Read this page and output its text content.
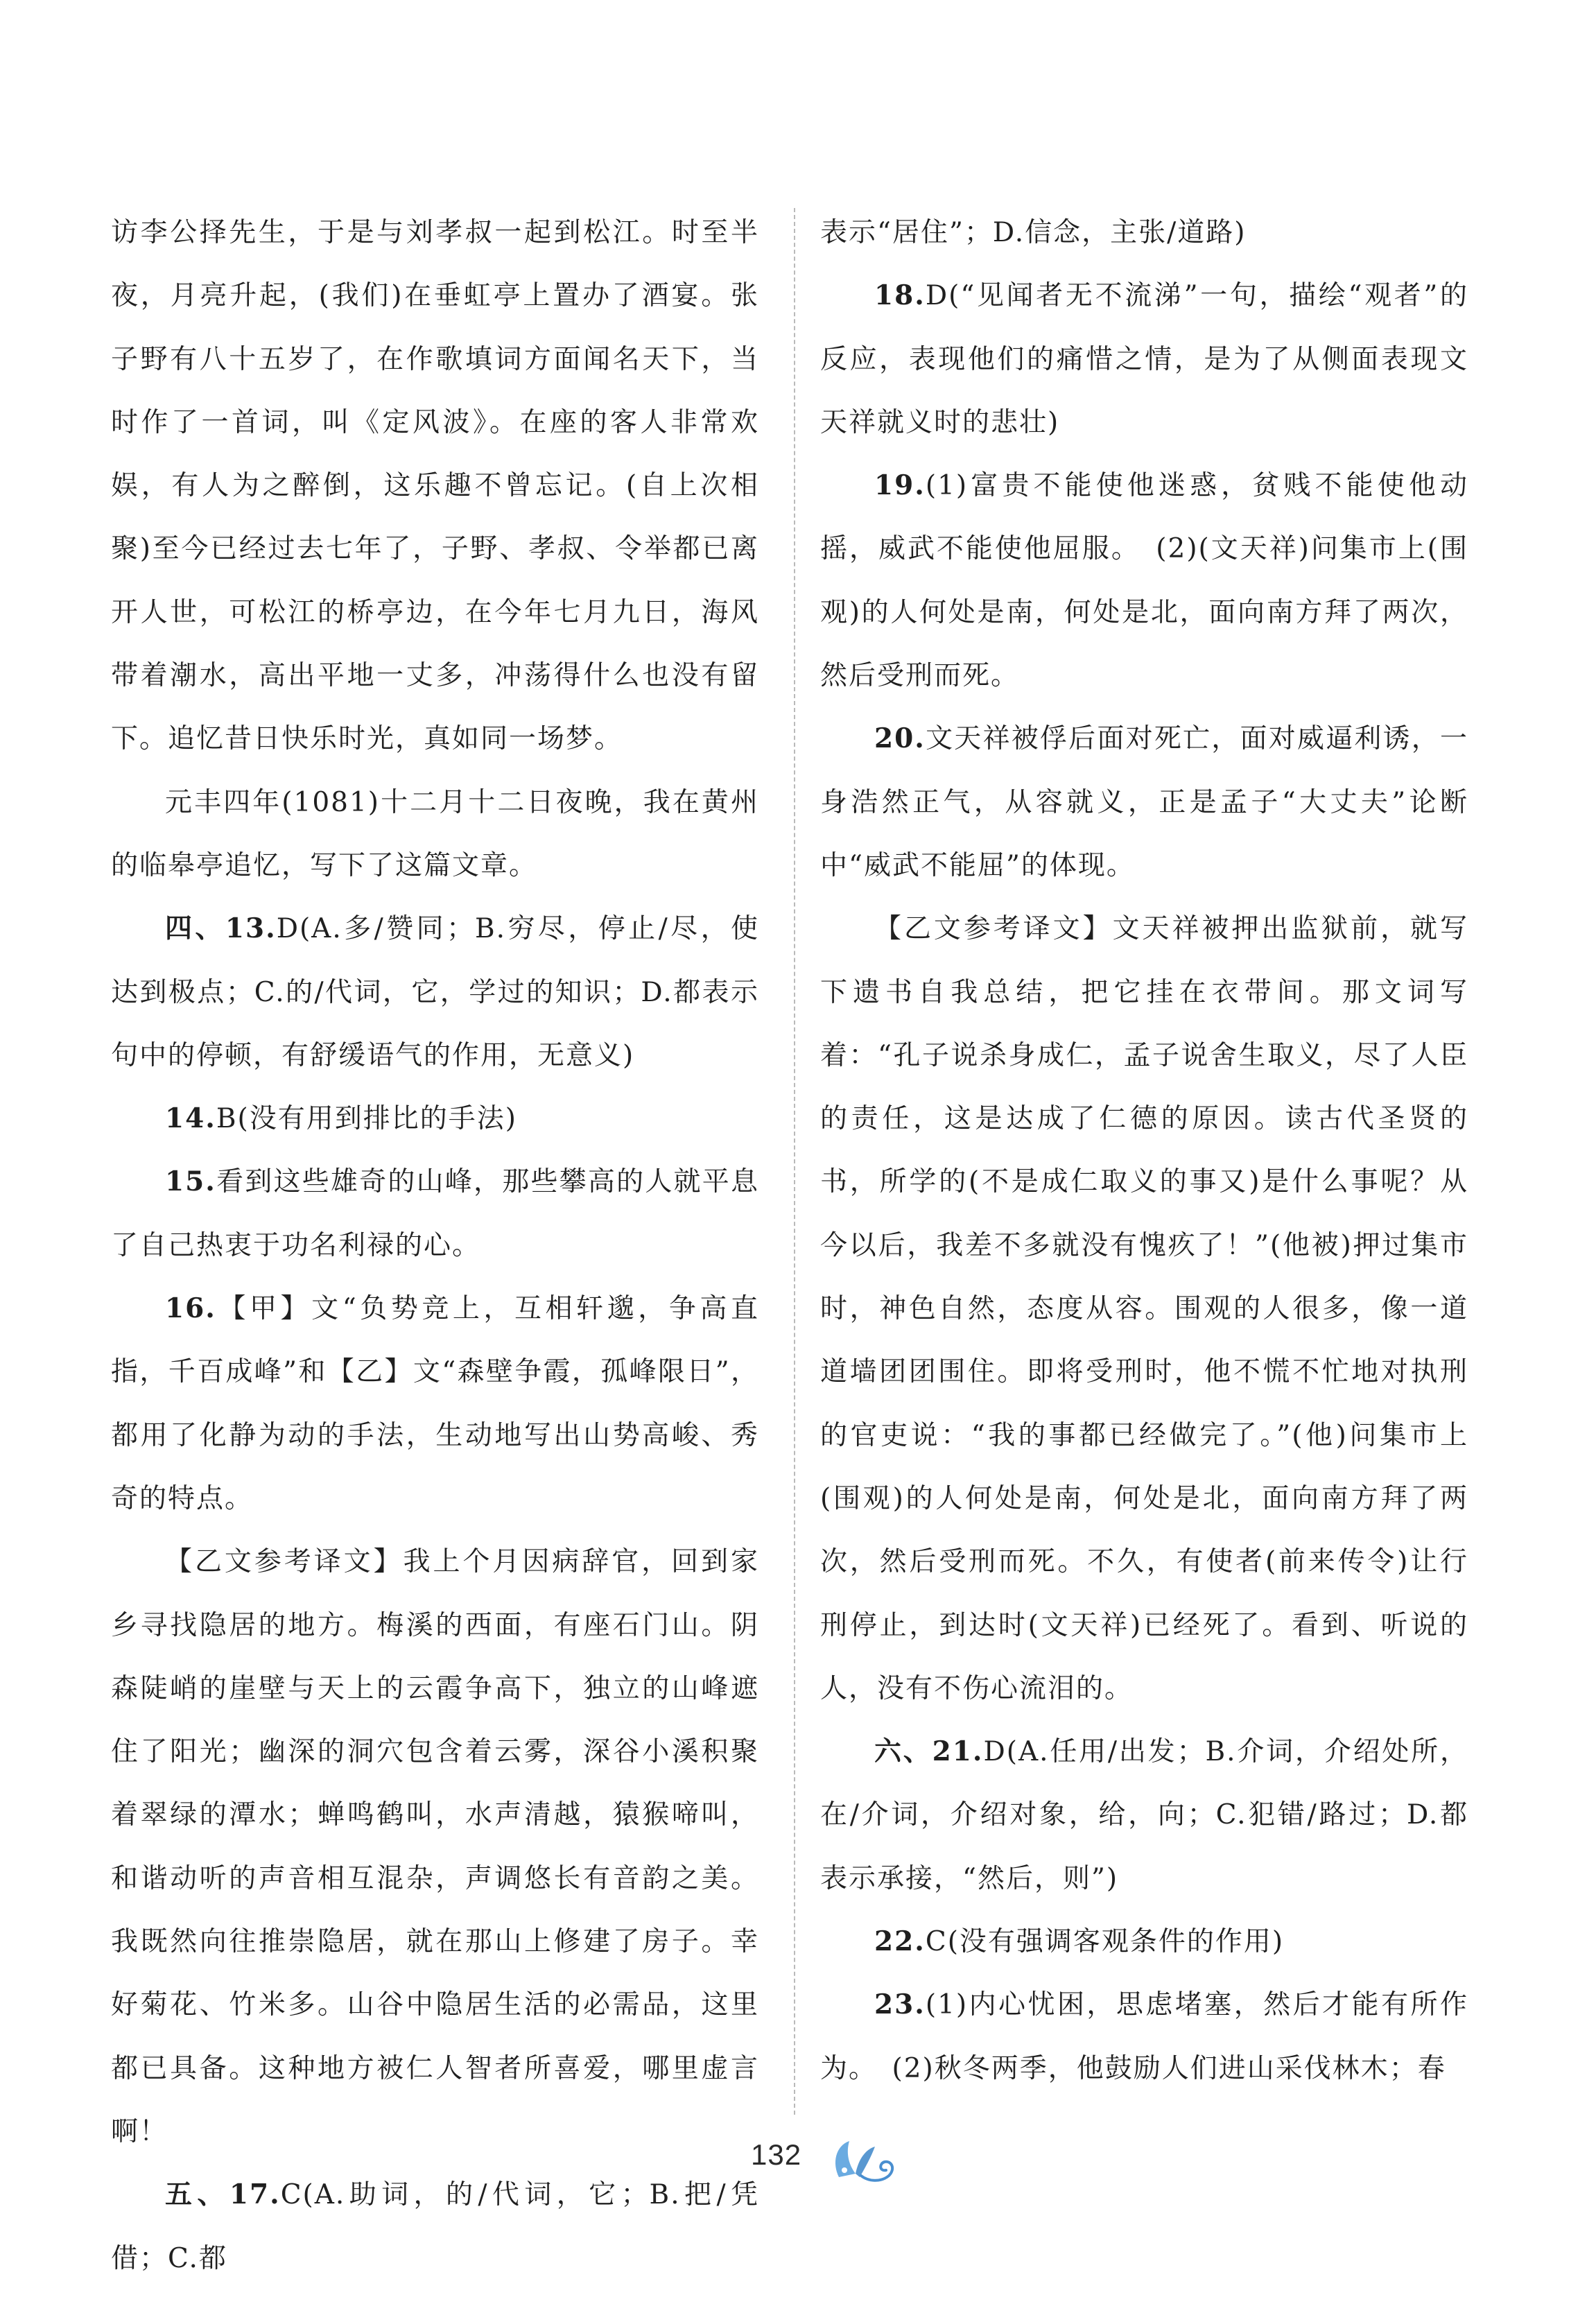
访李公择先生，于是与刘孝叔一起到松江。时至半夜，月亮升起，(我们)在垂虹亭上置办了酒宴。张子野有八十五岁了，在作歌填词方面闻名天下，当时作了一首词，叫《定风波》。在座的客人非常欢娱，有人为之醉倒，这乐趣不曾忘记。(自上次相聚)至今已经过去七年了，子野、孝叔、令举都已离开人世，可松江的桥亭边，在今年七月九日，海风带着潮水，高出平地一丈多，冲荡得什么也没有留下。追忆昔日快乐时光，真如同一场梦。

元丰四年(1081)十二月十二日夜晚，我在黄州的临皋亭追忆，写下了这篇文章。

四、13.D(A.多/赞同；B.穷尽，停止/尽，使达到极点；C.的/代词，它，学过的知识；D.都表示句中的停顿，有舒缓语气的作用，无意义)

14.B(没有用到排比的手法)

15.看到这些雄奇的山峰，那些攀高的人就平息了自己热衷于功名利禄的心。

16.【甲】文“负势竞上，互相轩邈，争高直指，千百成峰”和【乙】文“森壁争霞，孤峰限日”，都用了化静为动的手法，生动地写出山势高峻、秀奇的特点。

【乙文参考译文】我上个月因病辞官，回到家乡寻找隐居的地方。梅溪的西面，有座石门山。阴森陡峭的崖壁与天上的云霞争高下，独立的山峰遮住了阳光；幽深的洞穴包含着云雾，深谷小溪积聚着翠绿的潭水；蝉鸣鹤叫，水声清越，猿猴啼叫，和谐动听的声音相互混杂，声调悠长有音韵之美。我既然向往推崇隐居，就在那山上修建了房子。幸好菊花、竹米多。山谷中隐居生活的必需品，这里都已具备。这种地方被仁人智者所喜爱，哪里虚言啊！

五、17.C(A.助词，的/代词，它；B.把/凭借；C.都

表示“居住”；D.信念，主张/道路)

18.D(“见闻者无不流涕”一句，描绘“观者”的反应，表现他们的痛惜之情，是为了从侧面表现文天祥就义时的悲壮)

19.(1)富贵不能使他迷惑，贫贱不能使他动摇，威武不能使他屈服。　(2)(文天祥)问集市上(围观)的人何处是南，何处是北，面向南方拜了两次，然后受刑而死。

20.文天祥被俘后面对死亡，面对威逼利诱，一身浩然正气，从容就义，正是孟子“大丈夫”论断中“威武不能屈”的体现。

【乙文参考译文】文天祥被押出监狱前，就写下遗书自我总结，把它挂在衣带间。那文词写着：“孔子说杀身成仁，孟子说舍生取义，尽了人臣的责任，这是达成了仁德的原因。读古代圣贤的书，所学的(不是成仁取义的事又)是什么事呢？从今以后，我差不多就没有愧疚了！”(他被)押过集市时，神色自然，态度从容。围观的人很多，像一道道墙团团围住。即将受刑时，他不慌不忙地对执刑的官吏说：“我的事都已经做完了。”(他)问集市上(围观)的人何处是南，何处是北，面向南方拜了两次，然后受刑而死。不久，有使者(前来传令)让行刑停止，到达时(文天祥)已经死了。看到、听说的人，没有不伤心流泪的。

六、21.D(A.任用/出发；B.介词，介绍处所，在/介词，介绍对象，给，向；C.犯错/路过；D.都表示承接，“然后，则”)

22.C(没有强调客观条件的作用)

23.(1)内心忧困，思虑堵塞，然后才能有所作为。　(2)秋冬两季，他鼓励人们进山采伐林木；春

132
